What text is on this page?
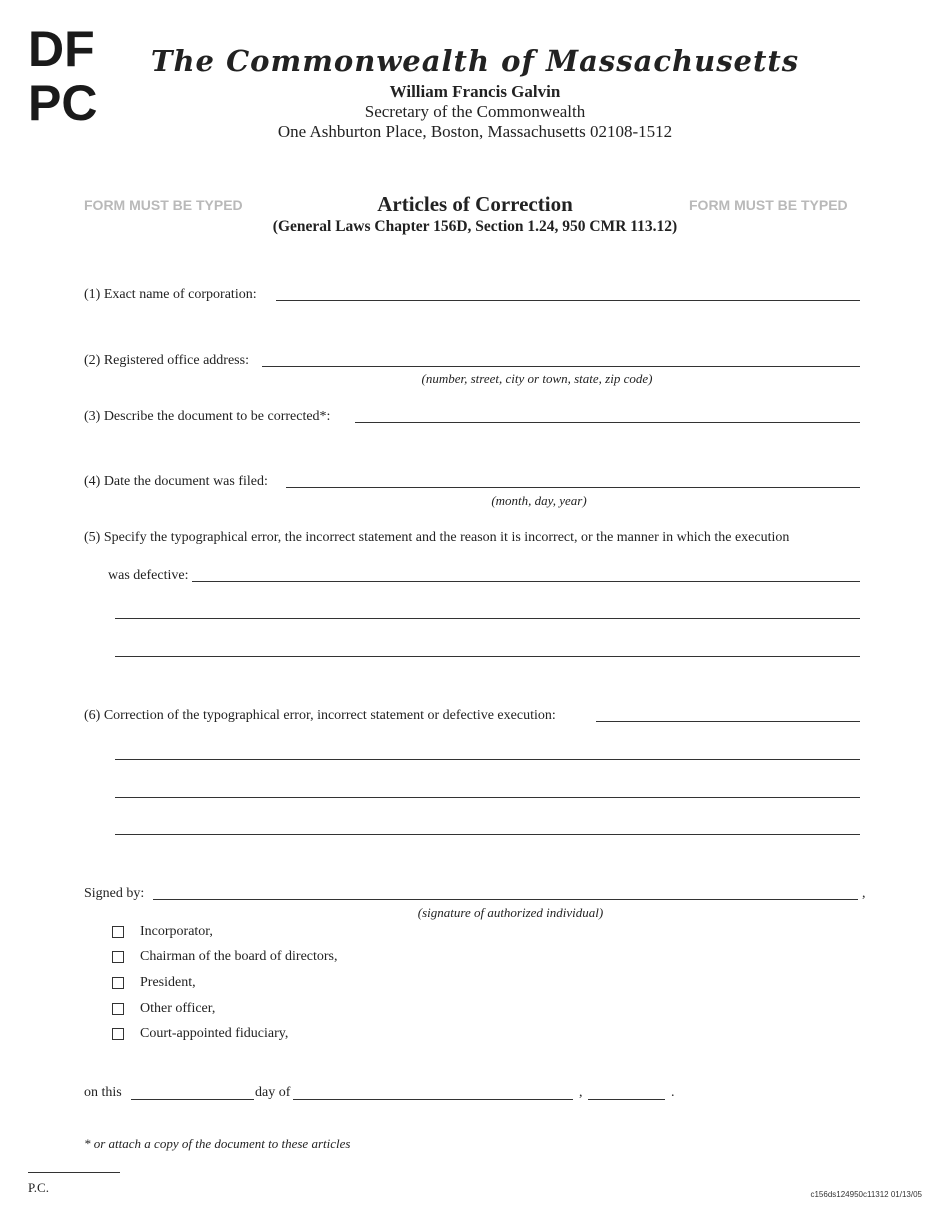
DF
PC
The Commonwealth of Massachusetts
William Francis Galvin
Secretary of the Commonwealth
One Ashburton Place, Boston, Massachusetts 02108-1512
FORM MUST BE TYPED	FORM MUST BE TYPED
Articles of Correction
(General Laws Chapter 156D, Section 1.24, 950 CMR 113.12)
(1) Exact name of corporation:
(2) Registered office address:
(number, street, city or town, state, zip code)
(3) Describe the document to be corrected*:
(4) Date the document was filed:
(month, day, year)
(5) Specify the typographical error, the incorrect statement and the reason it is incorrect, or the manner in which the execution
was defective:
(6) Correction of the typographical error, incorrect statement or defective execution:
Signed by:	,
(signature of authorized individual)
Incorporator,
Chairman of the board of directors,
President,
Other officer,
Court-appointed fiduciary,
on this	day of	,	.
* or attach a copy of the document to these articles
P.C.	c156ds124950c11312 01/13/05
